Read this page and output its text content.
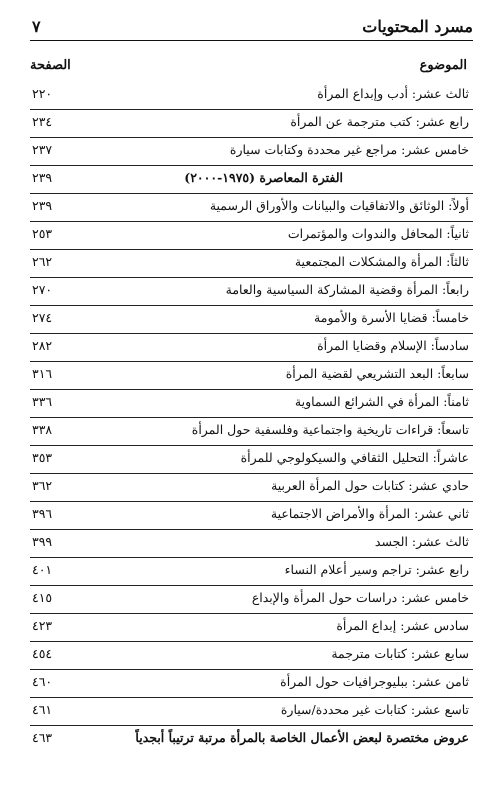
مسرد المحتويات
٧
الموضوع
الصفحة
ثالث عشر: أدب وإبداع المرأة
٢٢٠
رابع عشر: كتب مترجمة عن المرأة
٢٣٤
خامس عشر: مراجع غير محددة وكتابات سيارة
٢٣٧
الفترة المعاصرة (١٩٧٥-٢٠٠٠)
٢٣٩
أولاً: الوثائق والاتفاقيات والبيانات والأوراق الرسمية
٢٣٩
ثانياً: المحافل والندوات والمؤتمرات
٢٥٣
ثالثاً: المرأة والمشكلات المجتمعية
٢٦٢
رابعاً: المرأة وقضية المشاركة السياسية والعامة
٢٧٠
خامساً: قضايا الأسرة والأمومة
٢٧٤
سادساً: الإسلام وقضايا المرأة
٢٨٢
سابعاً: البعد التشريعي لقضية المرأة
٣١٦
ثامناً: المرأة في الشرائع السماوية
٣٣٦
تاسعاً: قراءات تاريخية واجتماعية وفلسفية حول المرأة
٣٣٨
عاشراً: التحليل الثقافي والسيكولوجي للمرأة
٣٥٣
حادي عشر: كتابات حول المرأة العربية
٣٦٢
ثاني عشر: المرأة والأمراض الاجتماعية
٣٩٦
ثالث عشر: الجسد
٣٩٩
رابع عشر: تراجم وسير أعلام النساء
٤٠١
خامس عشر: دراسات حول المرأة والإبداع
٤١٥
سادس عشر: إبداع المرأة
٤٢٣
سابع عشر: كتابات مترجمة
٤٥٤
ثامن عشر: ببليوجرافيات حول المرأة
٤٦٠
تاسع عشر: كتابات غير محددة/سيارة
٤٦١
عروض مختصرة لبعض الأعمال الخاصة بالمرأة مرتبة ترتيباً أبجدياً
٤٦٣
